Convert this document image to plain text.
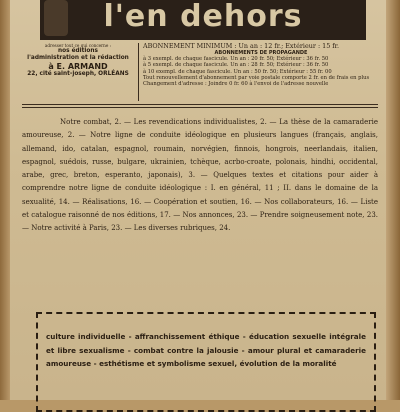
l'en dehors
adresser tout ce qui concerne :
nos éditions
l'administration et la rédaction
à E. ARMAND
22, cité saint-joseph, ORLÉANS
ABONNEMENT MINIMUM : Un an : 12 fr.; Extérieur : 15 fr.
ABONNEMENTS DE PROPAGANDE
à 3 exempl. de chaque fascicule. Un an : 20 fr. 50; Extérieur : 36 fr. 50
à 5 exempl. de chaque fascicule. Un an : 28 fr. 50; Extérieur : 36 fr. 50
à 10 exempl. de chaque fascicule. Un an : 50 fr. 50; Extérieur : 55 fr. 00
Tout renouvellement d'abonnement par voie postale comporte 2 fr. en de frais en plus
Changement d'adresse : Joindre 0 fr. 60 à l'envoi de l'adresse nouvelle

Notre combat, 2. — Les revendications individualistes, 2. — La thèse de la camaraderie amoureuse, 2. — Notre ligne de conduite idéologique en plusieurs langues (français, anglais, allemand, ido, catalan, espagnol, roumain, norvégien, finnois, hongrois, neerlandais, italien, espagnol, suédois, russe, bulgare, ukrainien, tchèque, acrbo-croate, polonais, hindhi, occidental, arabe, grec, breton, esperanto, japonais), 3. — Quelques textes et citations pour aider à comprendre notre ligne de conduite idéologique : I. en général, 11 ; II. dans le domaine de la sexualité, 14. — Réalisations, 16. — Coopération et soutien, 16. — Nos collaborateurs, 16. — Liste et catalogue raisonné de nos éditions, 17. — Nos annonces, 23. — Prendre soigneusement note, 23. — Notre activité à Paris, 23. — Les diverses rubriques, 24.

culture individuelle - affranchissement éthique - éducation sexuelle intégrale et libre sexualisme - combat contre la jalousie - amour plural et camaraderie amoureuse - esthétisme et symbolisme sexuel, évolution de la moralité
